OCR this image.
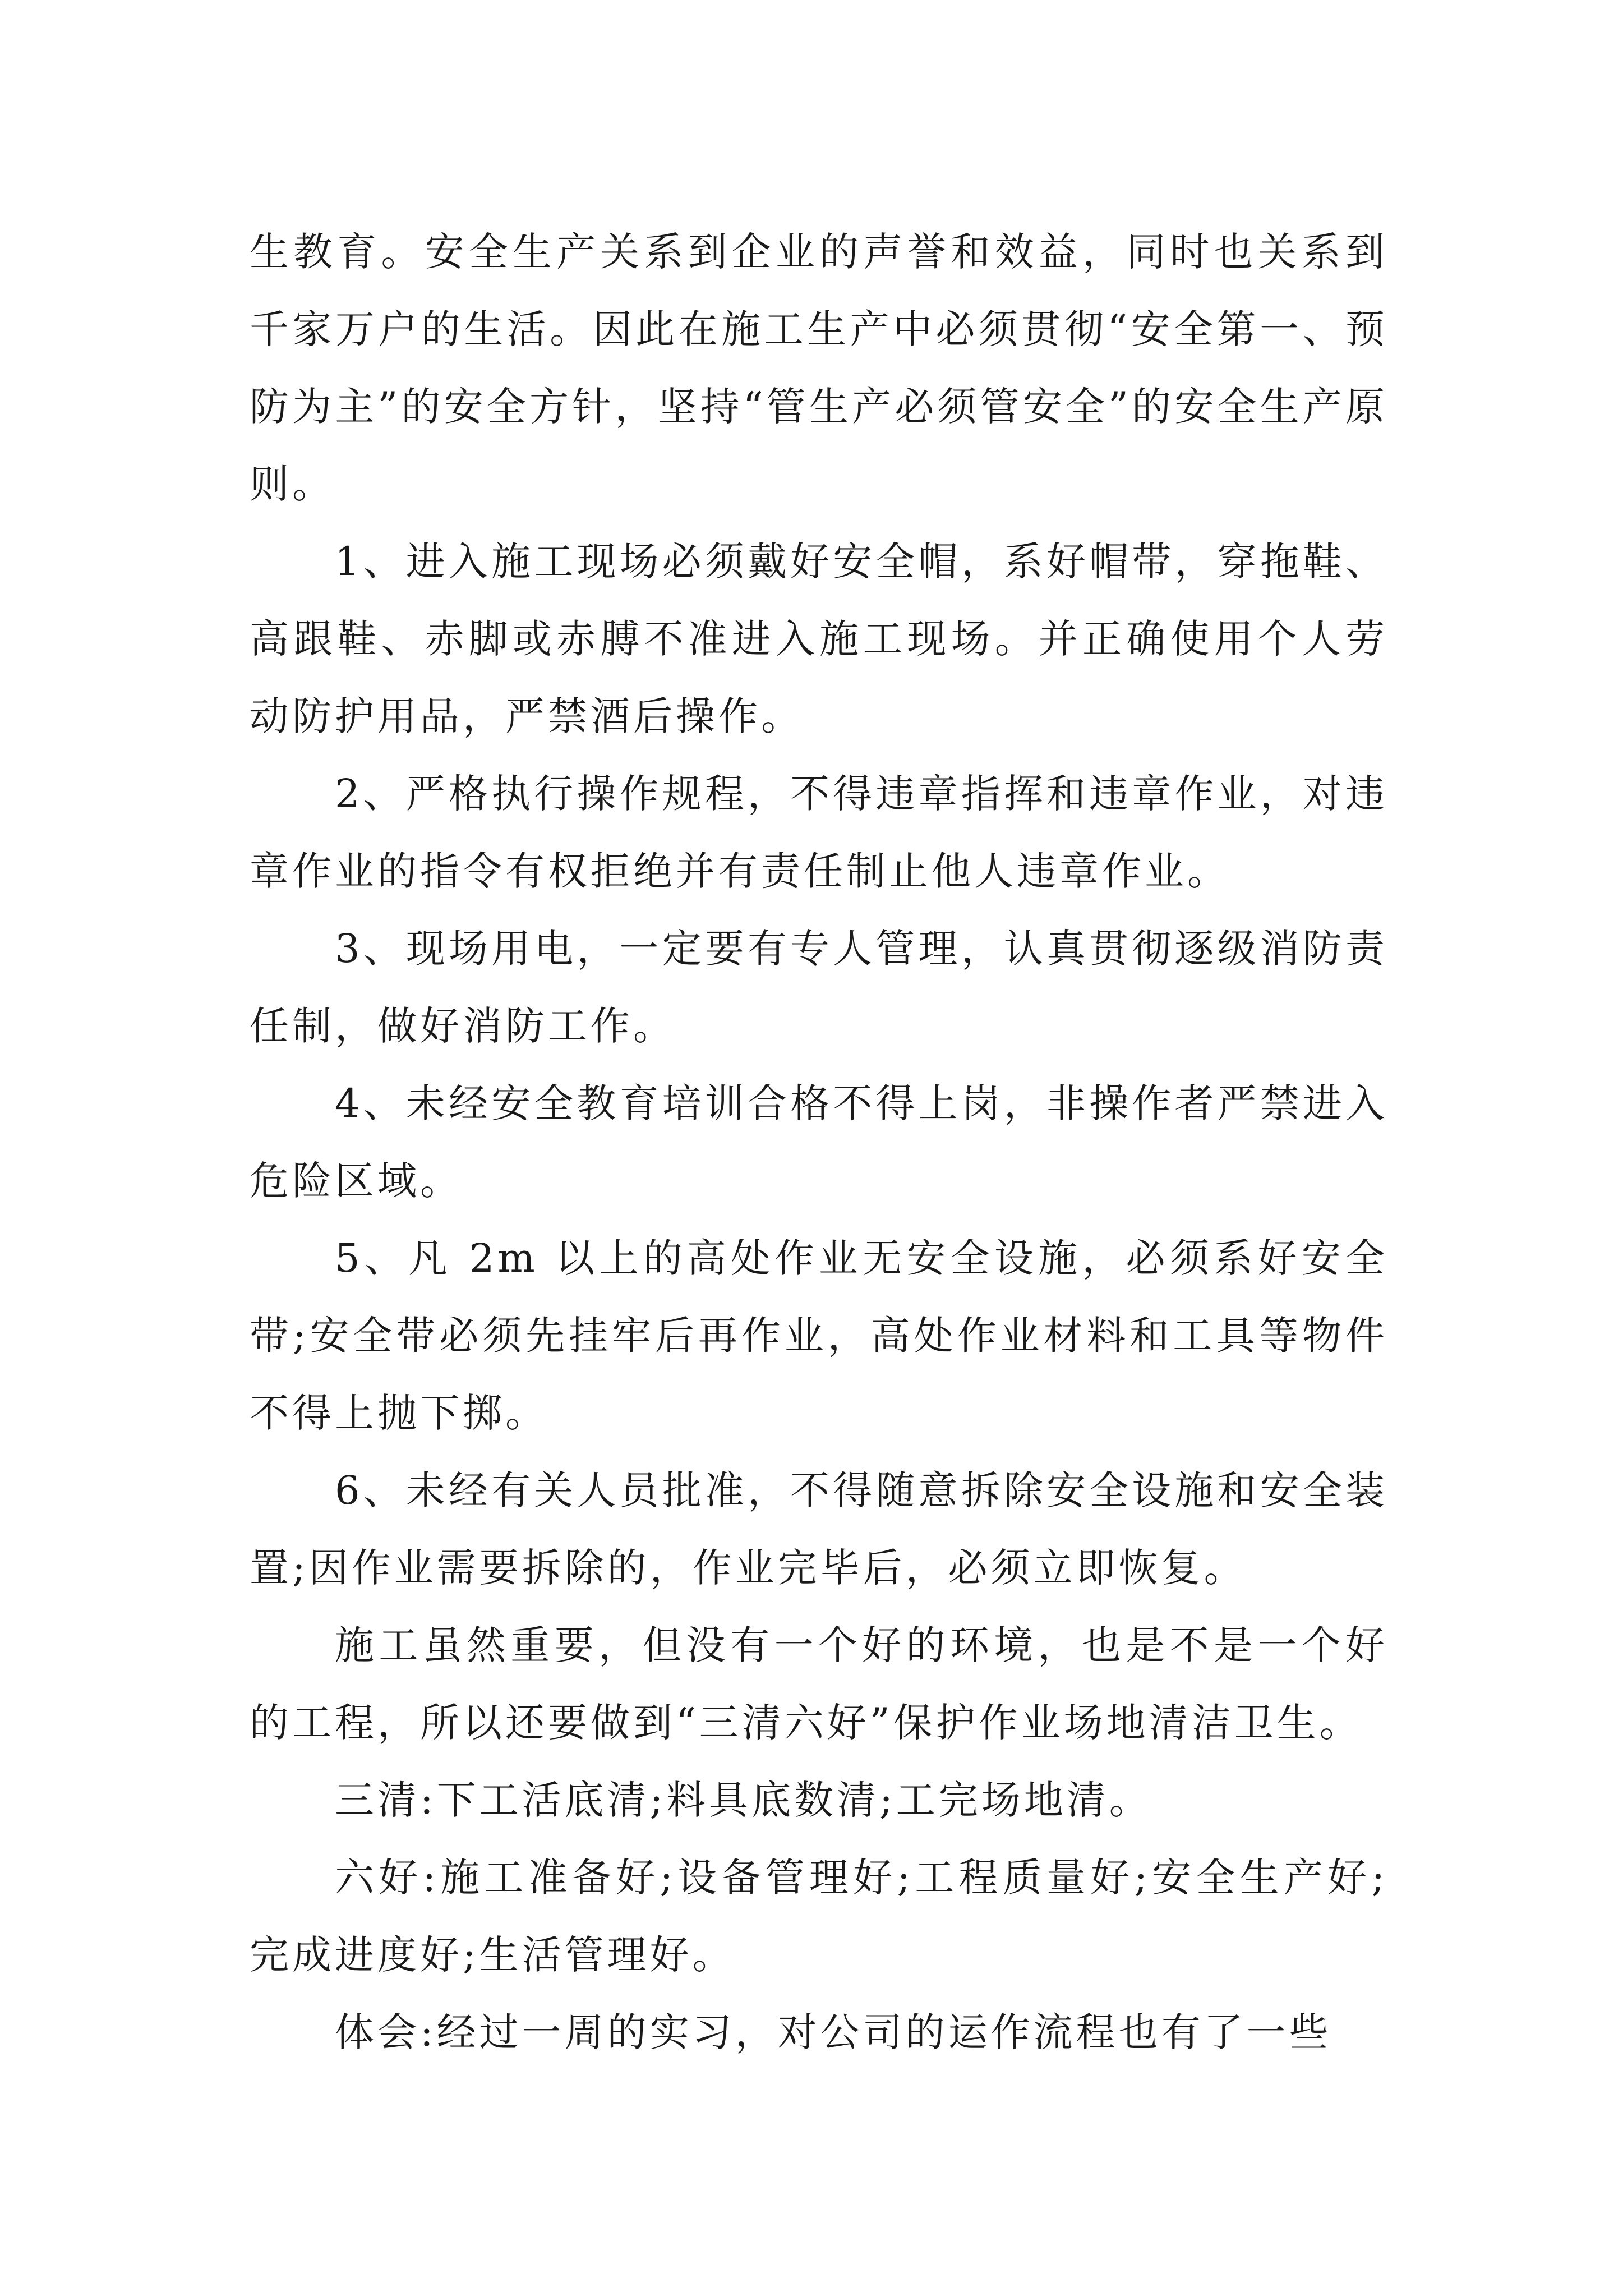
生教育。安全生产关系到企业的声誉和效益，同时也关系到千家万户的生活。因此在施工生产中必须贯彻“安全第一、预防为主”的安全方针，坚持“管生产必须管安全”的安全生产原则。

1、进入施工现场必须戴好安全帽，系好帽带，穿拖鞋、高跟鞋、赤脚或赤膊不准进入施工现场。并正确使用个人劳动防护用品，严禁酒后操作。

2、严格执行操作规程，不得违章指挥和违章作业，对违章作业的指令有权拒绝并有责任制止他人违章作业。

3、现场用电，一定要有专人管理，认真贯彻逐级消防责任制，做好消防工作。

4、未经安全教育培训合格不得上岗，非操作者严禁进入危险区域。

5、凡 2m 以上的高处作业无安全设施，必须系好安全带;安全带必须先挂牢后再作业，高处作业材料和工具等物件不得上抛下掷。

6、未经有关人员批准，不得随意拆除安全设施和安全装置;因作业需要拆除的，作业完毕后，必须立即恢复。

施工虽然重要，但没有一个好的环境，也是不是一个好的工程，所以还要做到“三清六好”保护作业场地清洁卫生。

三清:下工活底清;料具底数清;工完场地清。

六好:施工准备好;设备管理好;工程质量好;安全生产好;完成进度好;生活管理好。

体会:经过一周的实习，对公司的运作流程也有了一些
